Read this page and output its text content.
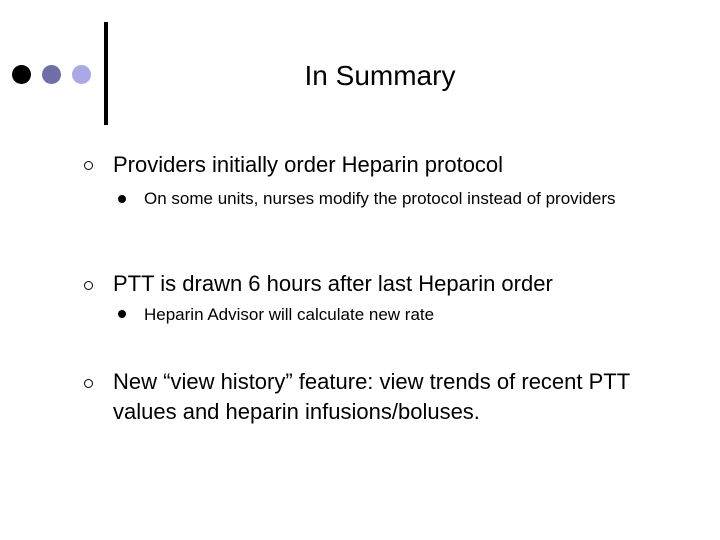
In Summary
Providers initially order Heparin protocol
On some units, nurses modify the protocol instead of providers
PTT is drawn 6 hours after last Heparin order
Heparin Advisor will calculate new rate
New “view history” feature: view trends of recent PTT values and heparin infusions/boluses.
